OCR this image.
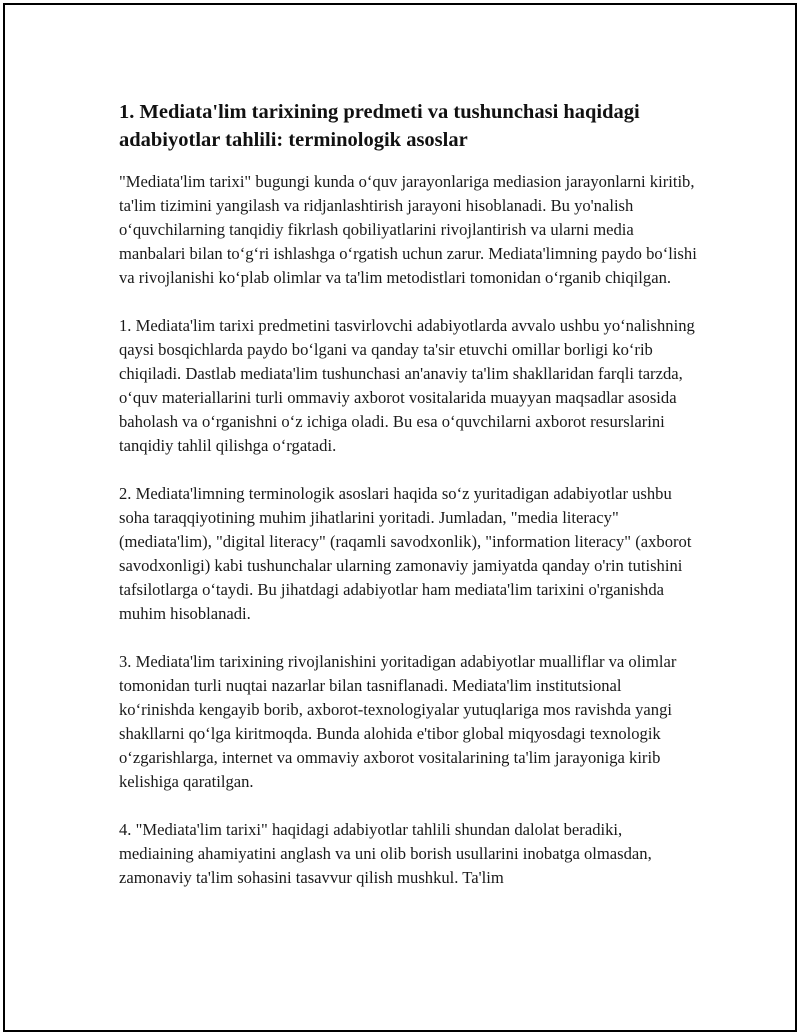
1. Mediata'lim tarixining predmeti va tushunchasi haqidagi adabiyotlar tahlili: terminologik asoslar

"Mediata'lim tarixi" bugungi kunda oʻquv jarayonlariga mediasion jarayonlarni kiritib, ta'lim tizimini yangilash va ridjanlashtirish jarayoni hisoblanadi. Bu yo'nalish oʻquvchilarning tanqidiy fikrlash qobiliyatlarini rivojlantirish va ularni media manbalari bilan toʻgʻri ishlashga oʻrgatish uchun zarur. Mediata'limning paydo boʻlishi va rivojlanishi koʻplab olimlar va ta'lim metodistlari tomonidan oʻrganib chiqilgan.

1. Mediata'lim tarixi predmetini tasvirlovchi adabiyotlarda avvalo ushbu yoʻnalishning qaysi bosqichlarda paydo boʻlgani va qanday ta'sir etuvchi omillar borligi koʻrib chiqiladi. Dastlab mediata'lim tushunchasi an'anaviy ta'lim shakllaridan farqli tarzda, oʻquv materiallarini turli ommaviy axborot vositalarida muayyan maqsadlar asosida baholash va oʻrganishni oʻz ichiga oladi. Bu esa oʻquvchilarni axborot resurslarini tanqidiy tahlil qilishga oʻrgatadi.

2. Mediata'limning terminologik asoslari haqida soʻz yuritadigan adabiyotlar ushbu soha taraqqiyotining muhim jihatlarini yoritadi. Jumladan, "media literacy" (mediata'lim), "digital literacy" (raqamli savodxonlik), "information literacy" (axborot savodxonligi) kabi tushunchalar ularning zamonaviy jamiyatda qanday o'rin tutishini tafsilotlarga oʻtaydi. Bu jihatdagi adabiyotlar ham mediata'lim tarixini o'rganishda muhim hisoblanadi.

3. Mediata'lim tarixining rivojlanishini yoritadigan adabiyotlar mualliflar va olimlar tomonidan turli nuqtai nazarlar bilan tasniflanadi. Mediata'lim institutsional koʻrinishda kengayib borib, axborot-texnologiyalar yutuqlariga mos ravishda yangi shakllarni qoʻlga kiritmoqda. Bunda alohida e'tibor global miqyosdagi texnologik oʻzgarishlarga, internet va ommaviy axborot vositalarining ta'lim jarayoniga kirib kelishiga qaratilgan.

4. "Mediata'lim tarixi" haqidagi adabiyotlar tahlili shundan dalolat beradiki, mediaining ahamiyatini anglash va uni olib borish usullarini inobatga olmasdan, zamonaviy ta'lim sohasini tasavvur qilish mushkul. Ta'lim
